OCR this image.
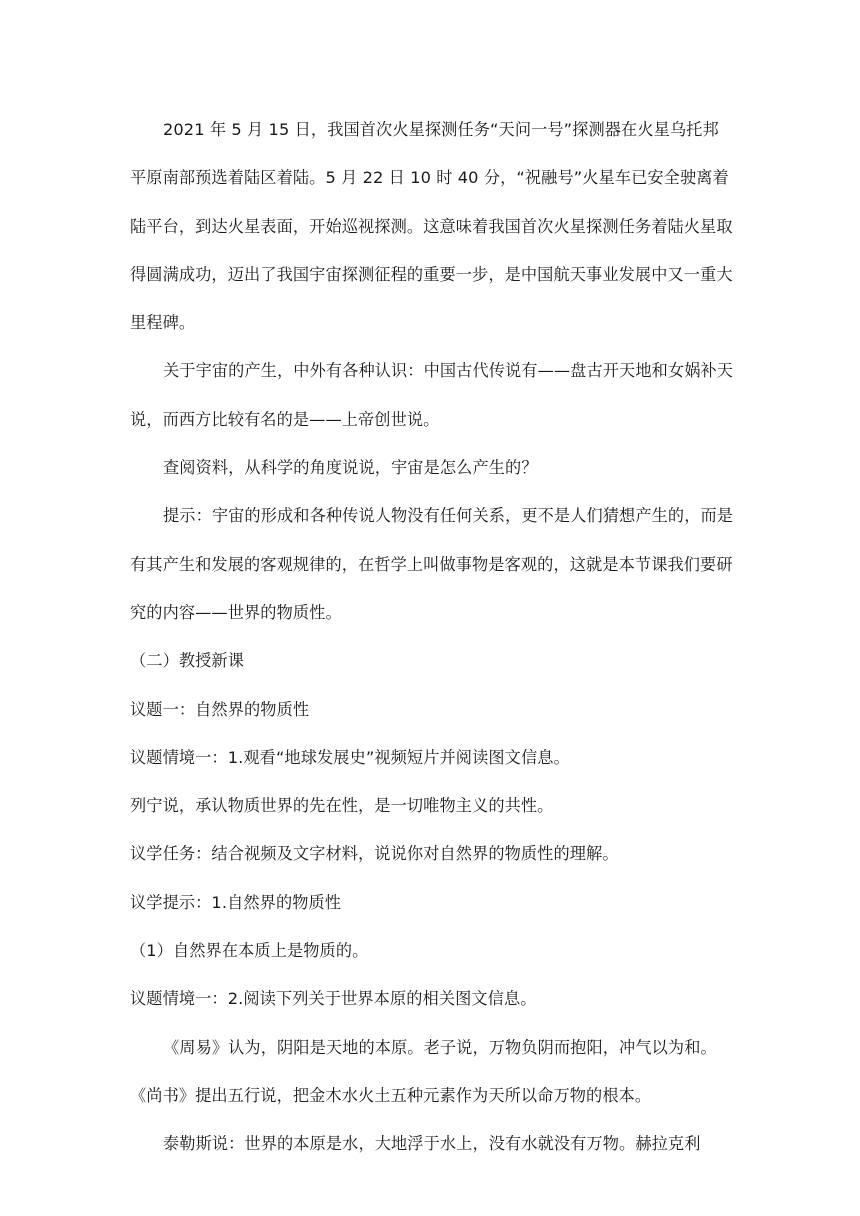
2021 年 5 月 15 日，我国首次火星探测任务“天问一号”探测器在火星乌托邦平原南部预选着陆区着陆。5 月 22 日 10 时 40 分，“祝融号”火星车已安全驶离着陆平台，到达火星表面，开始巡视探测。这意味着我国首次火星探测任务着陆火星取得圆满成功，迈出了我国宇宙探测征程的重要一步，是中国航天事业发展中又一重大里程碑。

关于宇宙的产生，中外有各种认识：中国古代传说有——盘古开天地和女娲补天说，而西方比较有名的是——上帝创世说。

查阅资料，从科学的角度说说，宇宙是怎么产生的？

提示：宇宙的形成和各种传说人物没有任何关系，更不是人们猜想产生的，而是有其产生和发展的客观规律的，在哲学上叫做事物是客观的，这就是本节课我们要研究的内容——世界的物质性。

（二）教授新课

议题一：自然界的物质性

议题情境一：1.观看“地球发展史”视频短片并阅读图文信息。

列宁说，承认物质世界的先在性，是一切唯物主义的共性。

议学任务：结合视频及文字材料，说说你对自然界的物质性的理解。

议学提示：1.自然界的物质性

（1）自然界在本质上是物质的。

议题情境一：2.阅读下列关于世界本原的相关图文信息。

《周易》认为，阴阳是天地的本原。老子说，万物负阴而抱阳，冲气以为和。《尚书》提出五行说，把金木水火土五种元素作为天所以命万物的根本。

泰勒斯说：世界的本原是水，大地浮于水上，没有水就没有万物。赫拉克利
